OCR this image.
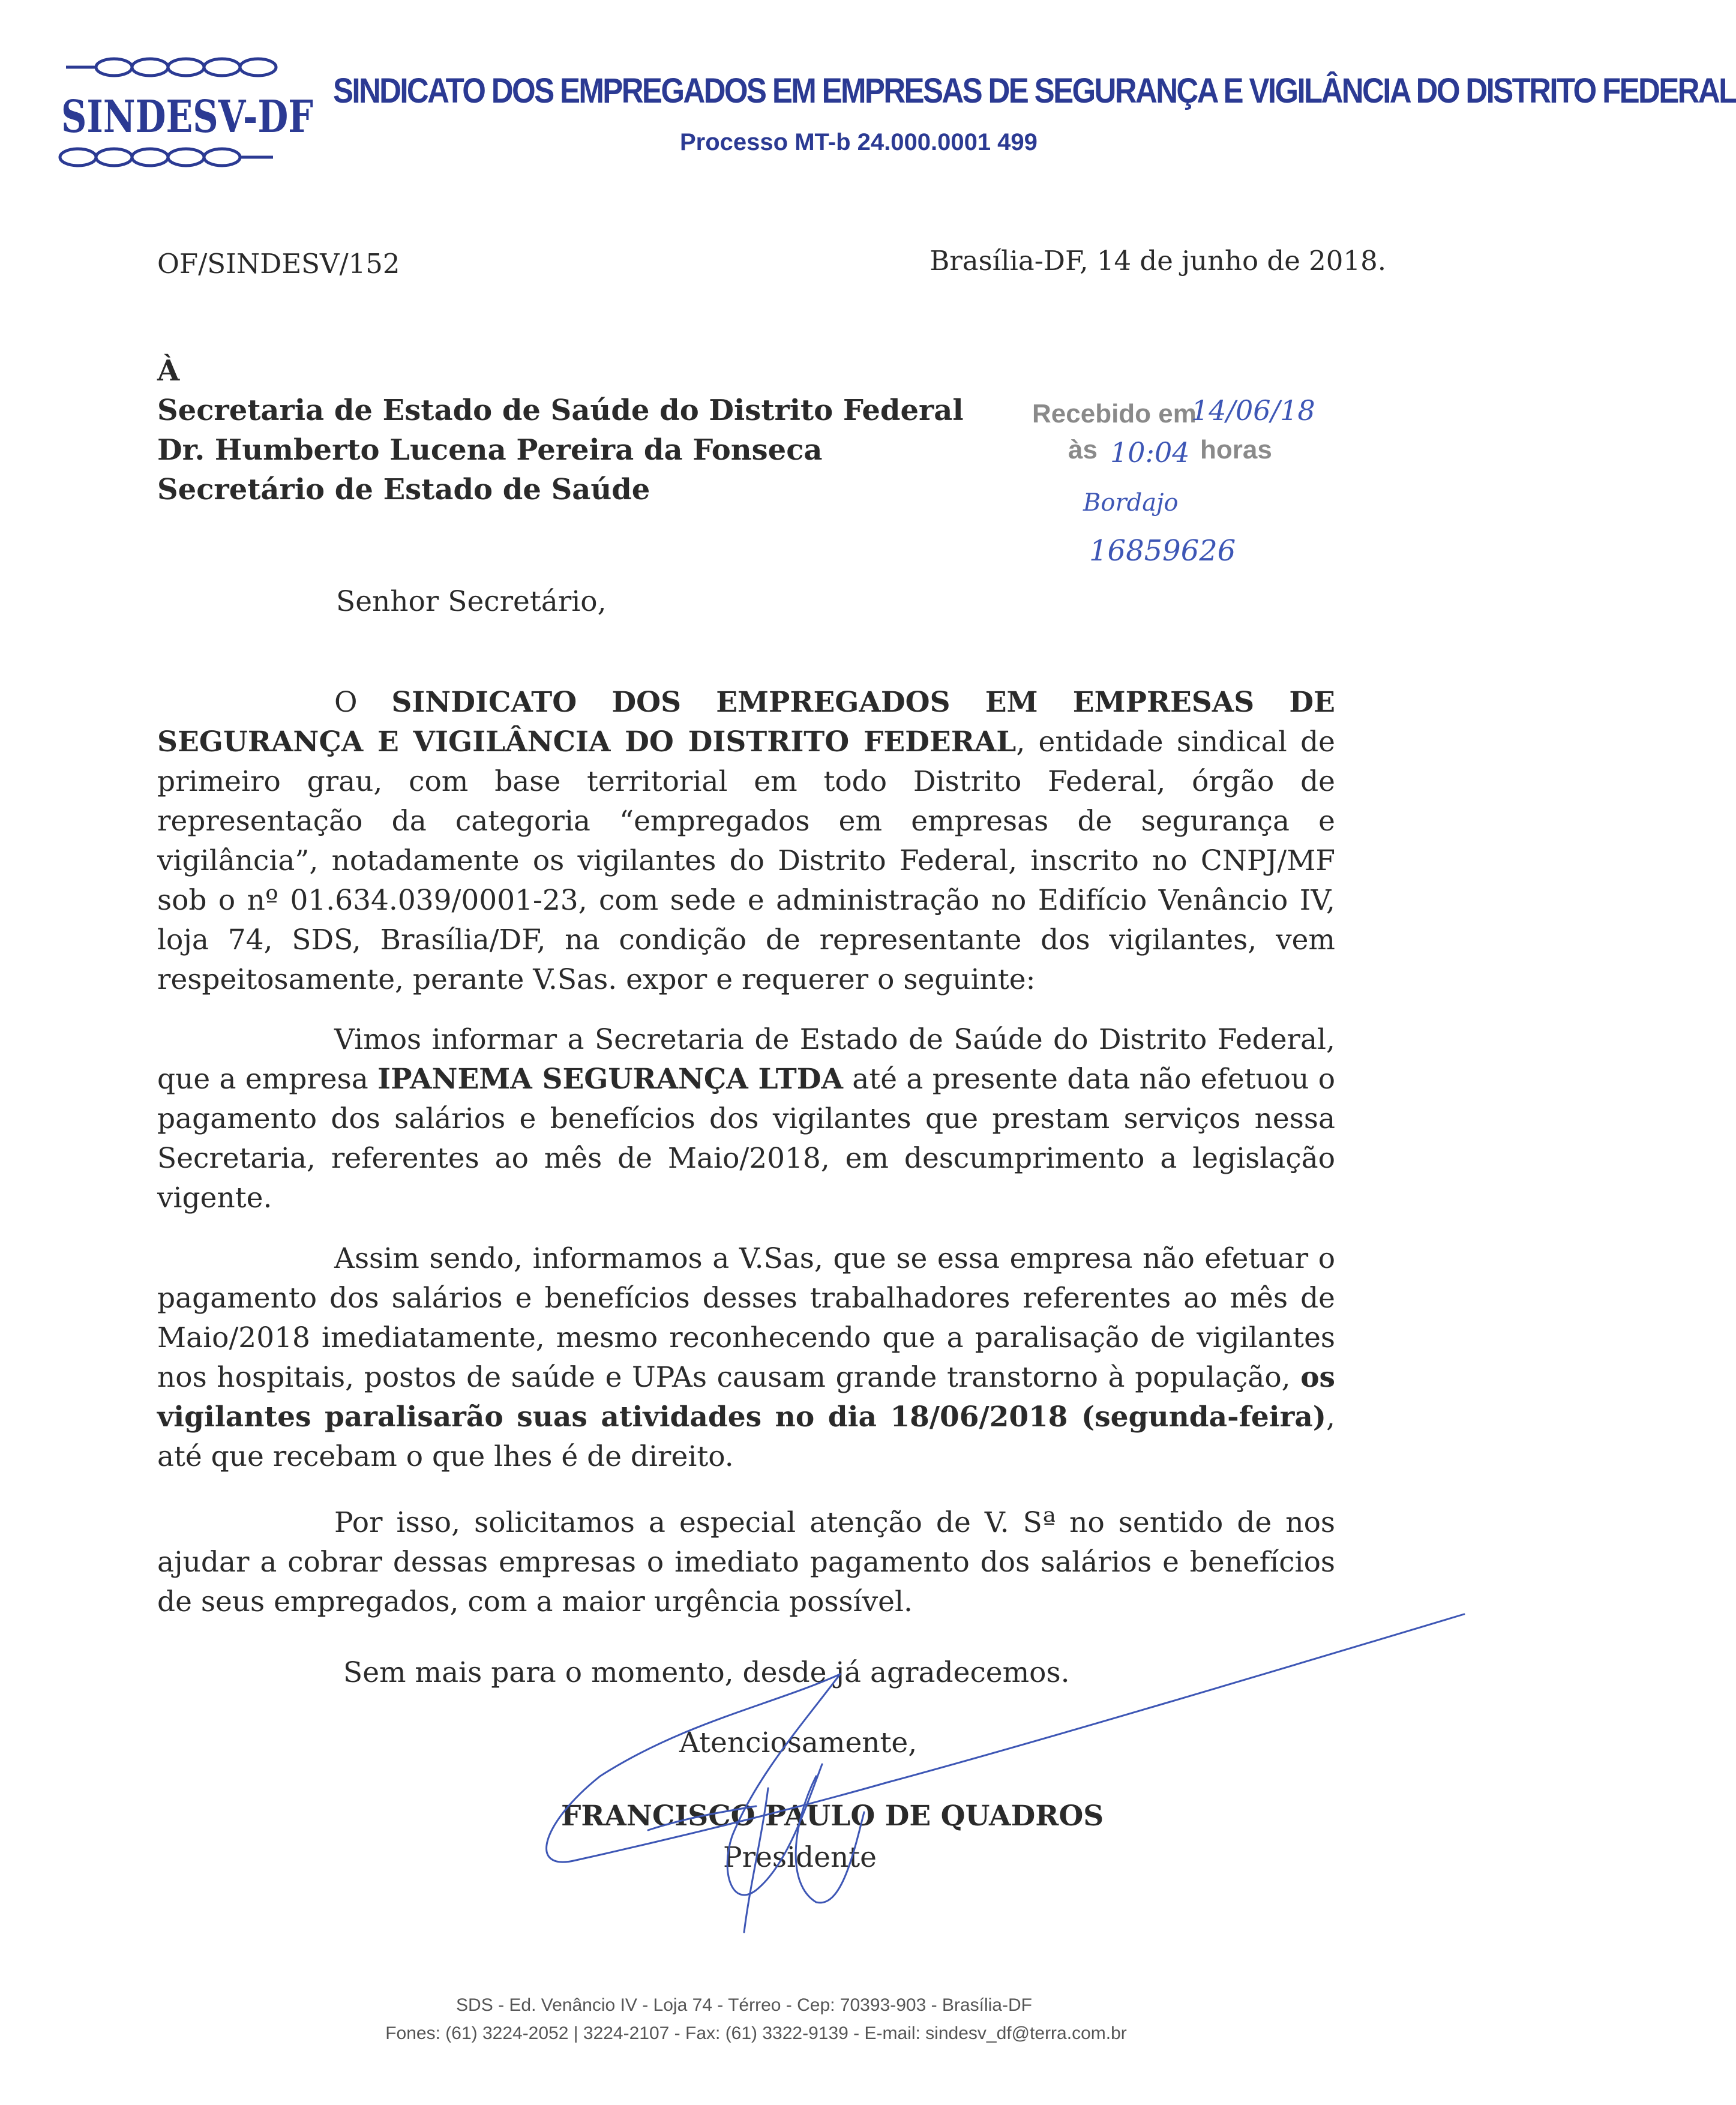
SINDESV-DF
SINDICATO DOS EMPREGADOS EM EMPRESAS DE SEGURANÇA E VIGILÂNCIA DO DISTRITO FEDERAL
Processo MT-b 24.000.0001 499
OF/SINDESV/152	Brasília-DF, 14 de junho de 2018.
À
Secretaria de Estado de Saúde do Distrito Federal
Dr. Humberto Lucena Pereira da Fonseca
Secretário de Estado de Saúde
Recebido em
14/06/18
às 10:04 horas
Bordajo
16859626
Senhor Secretário,
O SINDICATO DOS EMPREGADOS EM EMPRESAS DE SEGURANÇA E VIGILÂNCIA DO DISTRITO FEDERAL, entidade sindical de primeiro grau, com base territorial em todo Distrito Federal, órgão de representação da categoria “empregados em empresas de segurança e vigilância”, notadamente os vigilantes do Distrito Federal, inscrito no CNPJ/MF sob o nº 01.634.039/0001-23, com sede e administração no Edifício Venâncio IV, loja 74, SDS, Brasília/DF, na condição de representante dos vigilantes, vem respeitosamente, perante V.Sas. expor e requerer o seguinte:
Vimos informar a Secretaria de Estado de Saúde do Distrito Federal, que a empresa IPANEMA SEGURANÇA LTDA até a presente data não efetuou o pagamento dos salários e benefícios dos vigilantes que prestam serviços nessa Secretaria, referentes ao mês de Maio/2018, em descumprimento a legislação vigente.
Assim sendo, informamos a V.Sas, que se essa empresa não efetuar o pagamento dos salários e benefícios desses trabalhadores referentes ao mês de Maio/2018 imediatamente, mesmo reconhecendo que a paralisação de vigilantes nos hospitais, postos de saúde e UPAs causam grande transtorno à população, os vigilantes paralisarão suas atividades no dia 18/06/2018 (segunda-feira), até que recebam o que lhes é de direito.
Por isso, solicitamos a especial atenção de V. Sª no sentido de nos ajudar a cobrar dessas empresas o imediato pagamento dos salários e benefícios de seus empregados, com a maior urgência possível.
Sem mais para o momento, desde já agradecemos.
Atenciosamente,
FRANCISCO PAULO DE QUADROS
Presidente
SDS - Ed. Venâncio IV - Loja 74 - Térreo - Cep: 70393-903 - Brasília-DF
Fones: (61) 3224-2052 | 3224-2107 - Fax: (61) 3322-9139 - E-mail: sindesv_df@terra.com.br
